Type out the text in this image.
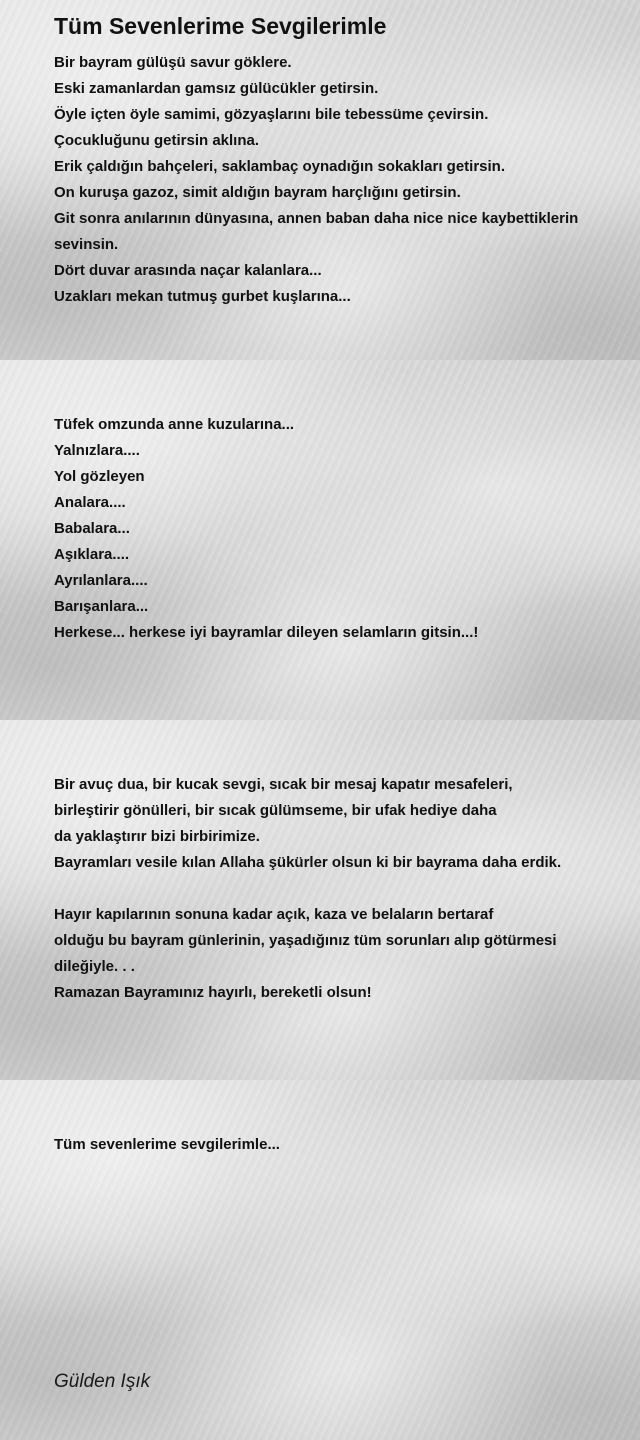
Tüm Sevenlerime Sevgilerimle
Bir bayram gülüşü savur göklere.
Eski zamanlardan gamsız gülücükler getirsin.
Öyle içten öyle samimi, gözyaşlarını bile tebessüme çevirsin.
Çocukluğunu getirsin aklına.
Erik çaldığın bahçeleri, saklambaç oynadığın sokakları getirsin.
On kuruşa gazoz, simit aldığın bayram harçlığını getirsin.
Git sonra anılarının dünyasına, annen baban daha nice nice kaybettiklerin sevinsin.
Dört duvar arasında naçar kalanlara...
Uzakları mekan tutmuş gurbet kuşlarına...
Tüfek omzunda anne kuzularına...
Yalnızlara....
Yol gözleyen
Analara....
Babalara...
Aşıklara....
Ayrılanlara....
Barışanlara...
Herkese... herkese iyi bayramlar dileyen selamların gitsin...!
Bir avuç dua, bir kucak sevgi, sıcak bir mesaj kapatır mesafeleri,
birleştirir gönülleri, bir sıcak gülümseme, bir ufak hediye daha
da yaklaştırır bizi birbirimize.
Bayramları vesile kılan Allaha şükürler olsun ki bir bayrama daha erdik.
Hayır kapılarının sonuna kadar açık, kaza ve belaların bertaraf
olduğu bu bayram günlerinin, yaşadığınız tüm sorunları alıp götürmesi
dileğiyle. . .
Ramazan Bayramınız hayırlı, bereketli olsun!
Tüm sevenlerime sevgilerimle...
Gülden Işık
